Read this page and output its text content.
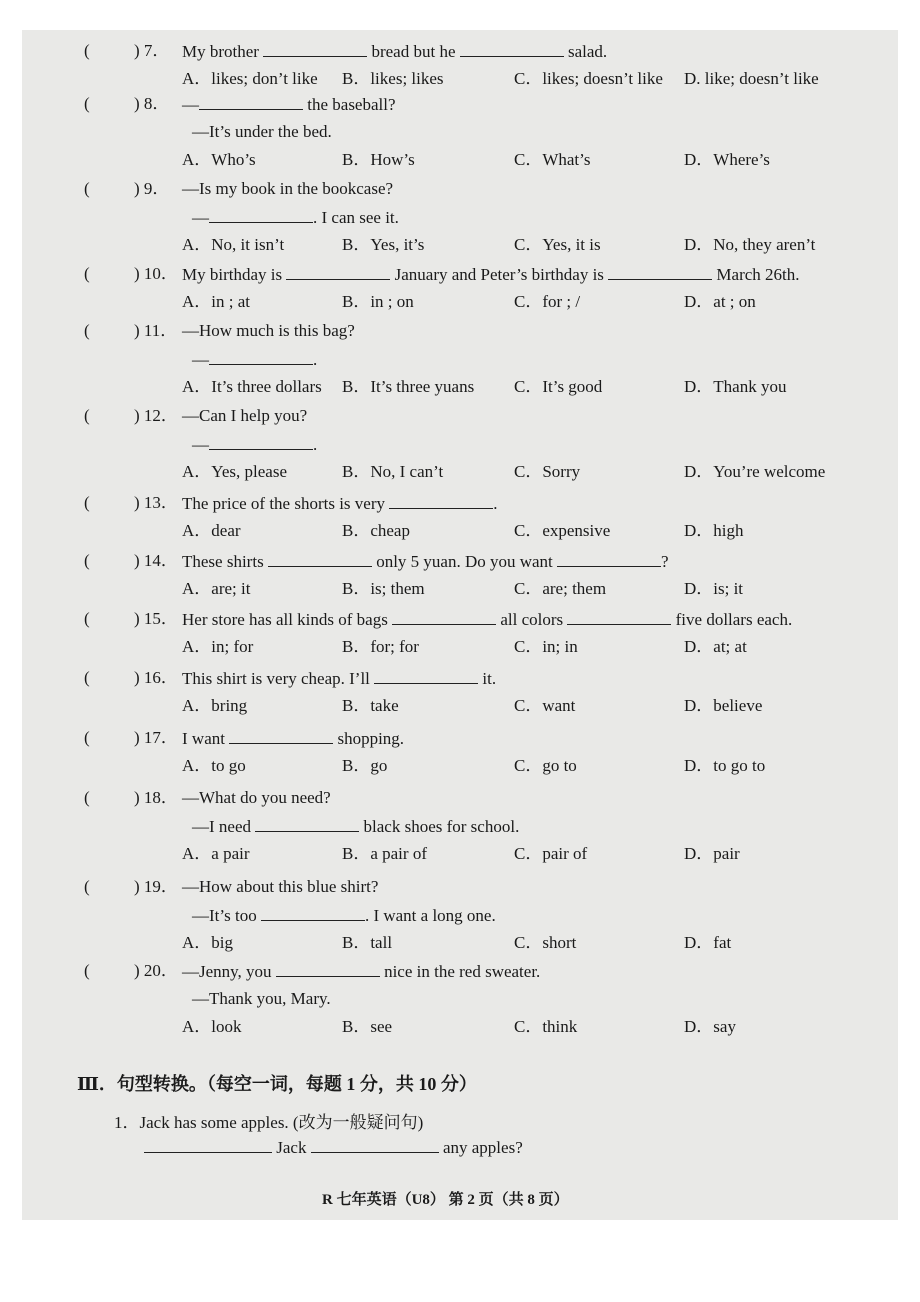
(	) 7． My brother	bread but he	salad.
A．likes; don’t like B．likes; likes	C．likes; doesn’t like D. like; doesn’t like
(	) 8． —	the baseball?
—It’s under the bed.
A．Who’s	B．How’s	C．What’s	D．Where’s
(	) 9． —Is my book in the bookcase?
—	. I can see it.
A．No, it isn’t	B．Yes, it’s	C．Yes, it is	D．No, they aren’t
(	) 10． My birthday is	January and Peter’s birthday is	March 26th.
A．in ; at	B．in ; on	C．for ; /	D．at ; on
(	) 11． —How much is this bag?
—	.
A．It’s three dollars B．It’s three yuans C．It’s good	D．Thank you
(	) 12． —Can I help you?
—	.
A．Yes, please	B．No, I can’t	C．Sorry	D．You’re welcome
(	) 13． The price of the shorts is very	.
A．dear	B．cheap	C．expensive	D．high
(	) 14． These shirts	only 5 yuan. Do you want	?
A．are; it	B．is; them	C．are; them	D．is; it
(	) 15． Her store has all kinds of bags	all colors	five dollars each.
A．in; for	B．for; for	C．in; in	D．at; at
(	) 16． This shirt is very cheap. I’ll	it.
A．bring	B．take	C．want	D．believe
(	) 17． I want	shopping.
A．to go	B．go	C．go to	D．to go to
(	) 18． —What do you need?
—I need	black shoes for school.
A．a pair	B．a pair of	C．pair of	D．pair
(	) 19． —How about this blue shirt?
—It’s too	. I want a long one.
A．big	B．tall	C．short	D．fat
(	) 20． —Jenny, you	nice in the red sweater.
—Thank you, Mary.
A．look	B．see	C．think	D．say
Ⅲ．句型转换。（每空一词，每题 1 分，共 10 分）
1．Jack has some apples. (改为一般疑问句)
Jack	any apples?
R 七年英语（U8） 第 2 页（共 8 页）
